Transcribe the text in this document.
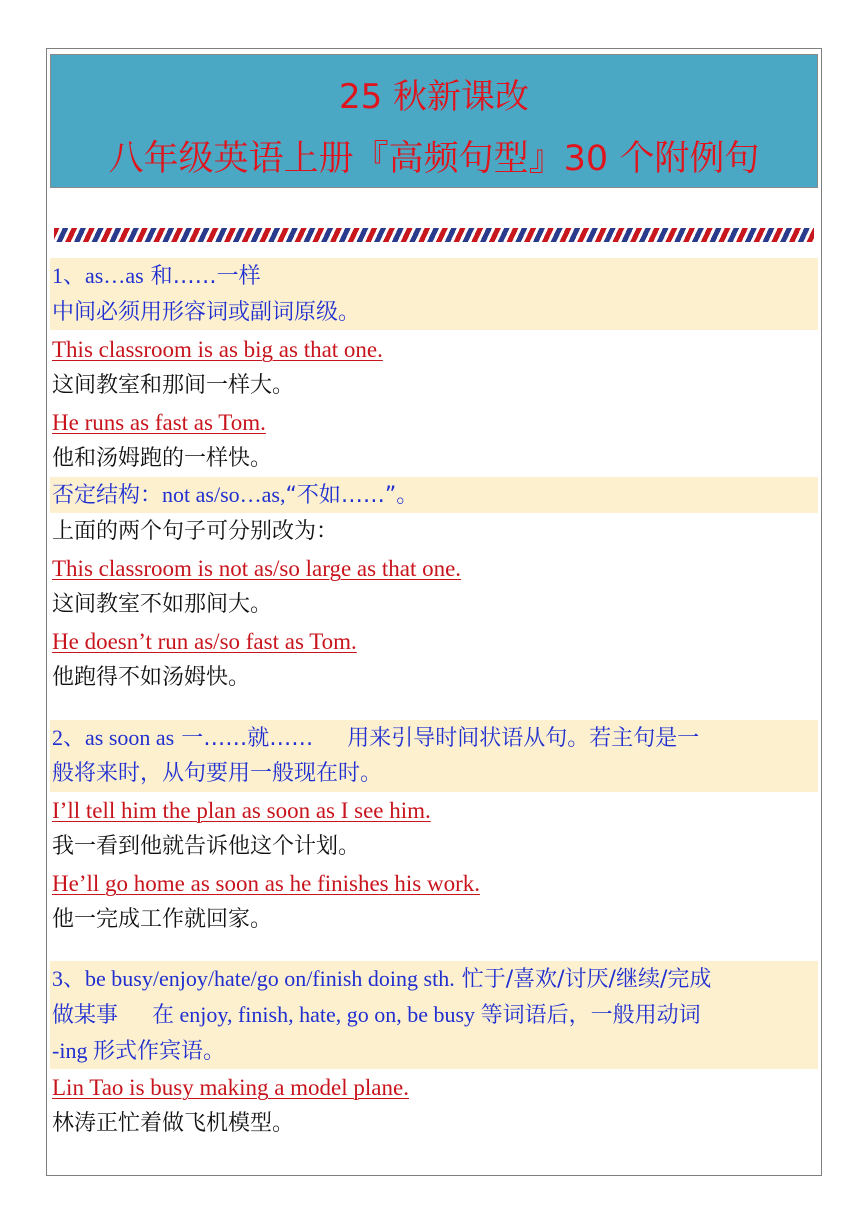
25 秋新课改
八年级英语上册『高频句型』30 个附例句
1、as…as 和……一样
中间必须用形容词或副词原级。
This classroom is as big as that one.
这间教室和那间一样大。
He runs as fast as Tom.
他和汤姆跑的一样快。
否定结构：not as/so…as,“不如……”。
上面的两个句子可分别改为：
This classroom is not as/so large as that one.
这间教室不如那间大。
He doesn’t run as/so fast as Tom.
他跑得不如汤姆快。
2、as soon as 一……就…… 用来引导时间状语从句。若主句是一
般将来时，从句要用一般现在时。
I’ll tell him the plan as soon as I see him.
我一看到他就告诉他这个计划。
He’ll go home as soon as he finishes his work.
他一完成工作就回家。
3、be busy/enjoy/hate/go on/finish doing sth. 忙于/喜欢/讨厌/继续/完成
做某事 在 enjoy, finish, hate, go on, be busy 等词语后，一般用动词
-ing 形式作宾语。
Lin Tao is busy making a model plane.
林涛正忙着做飞机模型。
